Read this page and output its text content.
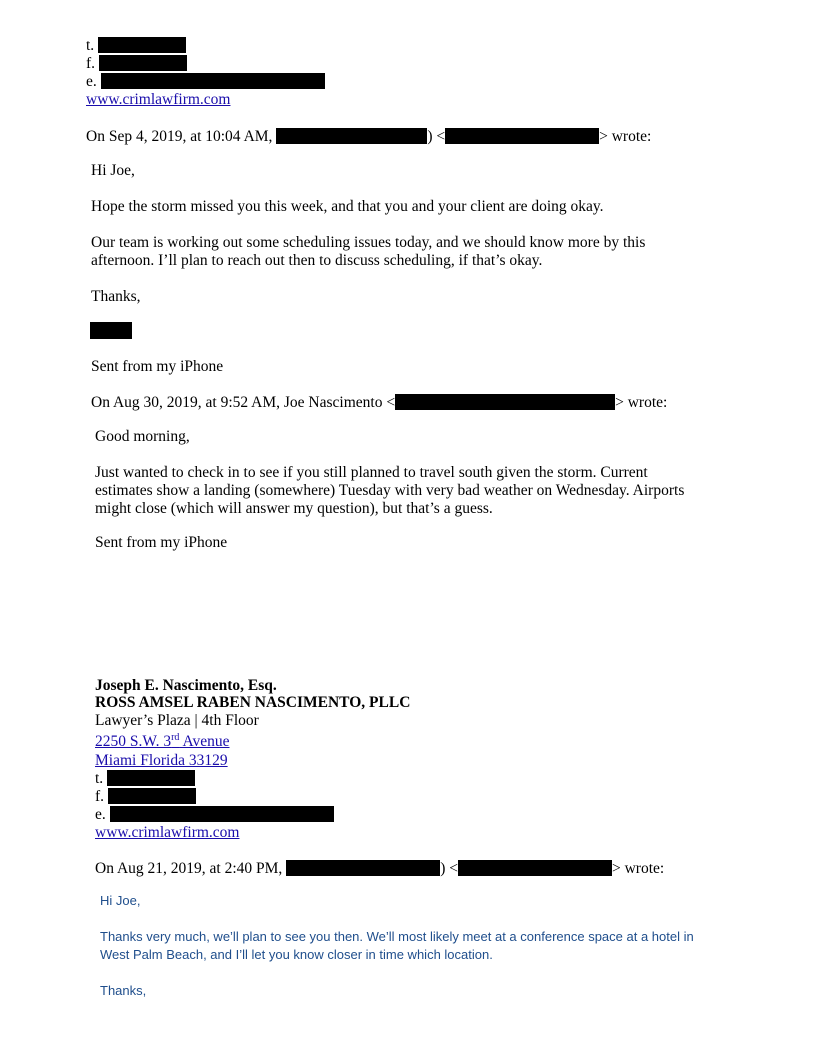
t.
f.
e.
www.crimlawfirm.com
On Sep 4, 2019, at 10:04 AM,	) <	> wrote:
Hi Joe,
Hope the storm missed you this week, and that you and your client are doing okay.
Our team is working out some scheduling issues today, and we should know more by this
afternoon. I’ll plan to reach out then to discuss scheduling, if that’s okay.
Thanks,
Sent from my iPhone
On Aug 30, 2019, at 9:52 AM, Joe Nascimento <	> wrote:
Good morning,
Just wanted to check in to see if you still planned to travel south given the storm. Current
estimates show a landing (somewhere) Tuesday with very bad weather on Wednesday. Airports
might close (which will answer my question), but that’s a guess.
Sent from my iPhone
Joseph E. Nascimento, Esq.
ROSS AMSEL RABEN NASCIMENTO, PLLC
Lawyer’s Plaza | 4th Floor
2250 S.W. 3rd Avenue
Miami Florida 33129
t.
f.
e.
www.crimlawfirm.com
On Aug 21, 2019, at 2:40 PM,	) <	> wrote:
Hi Joe,
Thanks very much, we’ll plan to see you then. We’ll most likely meet at a conference space at a hotel in
West Palm Beach, and I’ll let you know closer in time which location.
Thanks,
